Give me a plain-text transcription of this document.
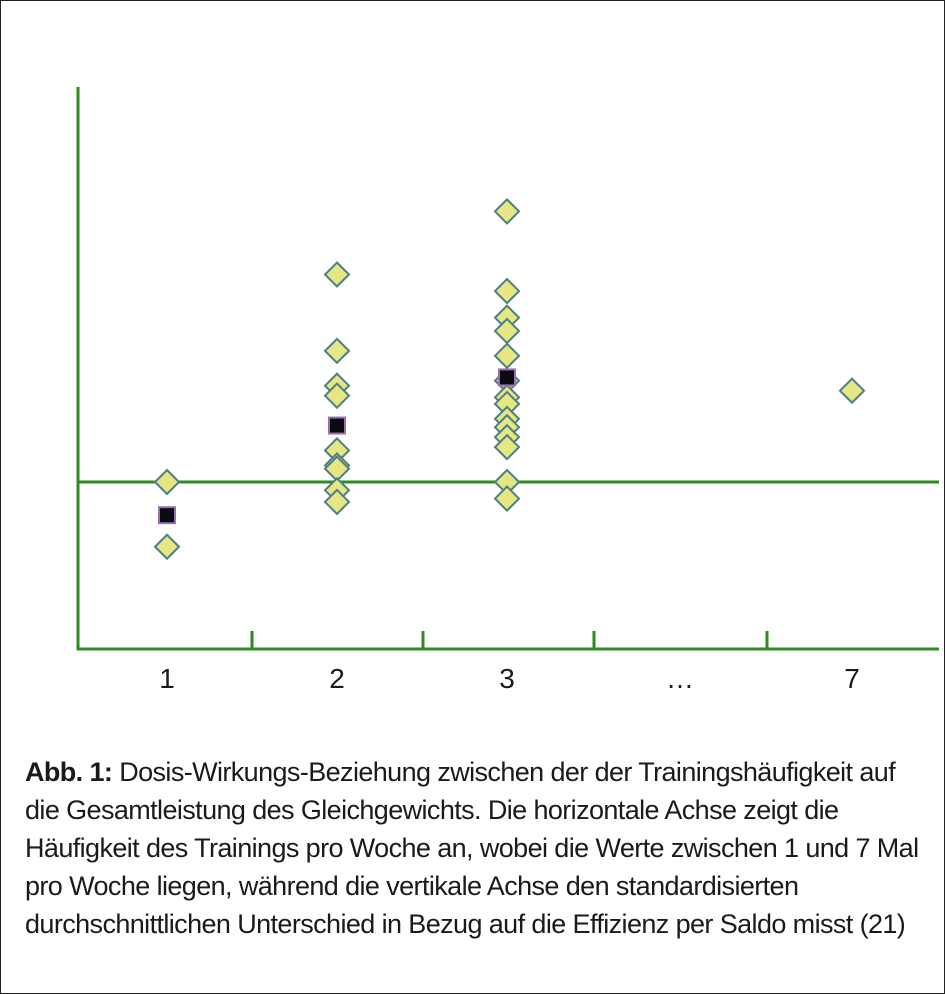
1	2	3	…	7
Abb. 1: Dosis-Wirkungs-Beziehung zwischen der der Trainingshäufigkeit auf die Gesamtleistung des Gleichgewichts. Die horizontale Achse zeigt die Häufigkeit des Trainings pro Woche an, wobei die Werte zwischen 1 und 7 Mal pro Woche liegen, während die vertikale Achse den standardisierten durchschnittlichen Unterschied in Bezug auf die Effizienz per Saldo misst (21)
